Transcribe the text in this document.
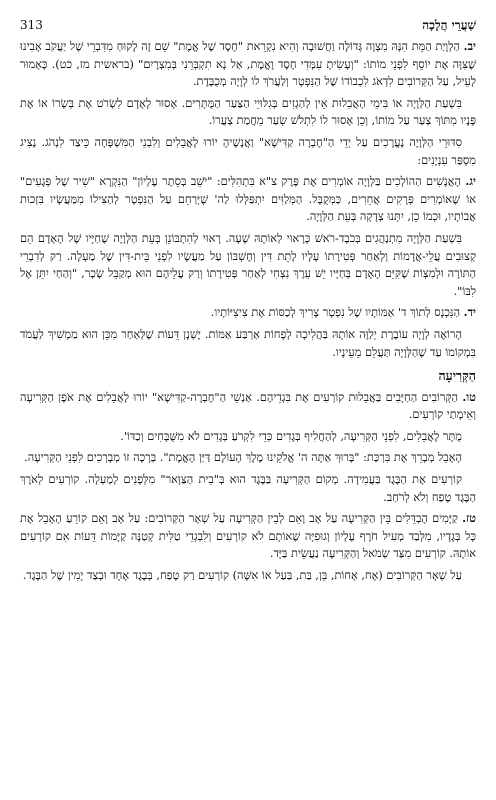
313	שַׁעֲרֵי הֲלָכָה

יב. הַלְוָיַת הַמֵּת הִנָּהּ מִצְוָה גְּדוֹלָה וַחֲשׁוּבָה וְהִיא נִקְרֵאת "חֶסֶד שֶׁל אֱמֶת" שֵׁם זֶה לָקוּחַ מִדִּבְרֵי שֶׁל יַעֲקֹב אָבִינוּ שֶׁצִּוָּה אֶת יוֹסֵף לִפְנֵי מוֹתוֹ: "וְעָשִׂיתָ עִמָּדִי חֶסֶד וֶאֱמֶת, אַל נָא תִקְבְּרֵנִי בְּמִצְרָיִם" (בראשית מז, כט). כָּאָמוּר לְעֵיל, עַל הַקְּרוֹבִים לִדְאֹג לִכְבוֹדוֹ שֶׁל הַנִּפְטָר וְלַעֲרֹךְ לוֹ לְוָיָה מְכֻבֶּדֶת.

בִּשְׁעַת הַלְּוָיָה אוֹ בִּימֵי הָאֲבֵלוּת אֵין לְהַגְזִים בְּגִלּוּיֵי הַצַּעַר הַמֻּתָּרִים. אָסוּר לָאָדָם לִשְׂרֹט אֶת בְּשָׂרוֹ אוֹ אֶת פָּנָיו מִתּוֹךְ צַעַר עַל מוֹתוֹ, וְכֵן אָסוּר לוֹ לִתְלֹשׁ שְׂעַר מֵחֲמַת צַעֲרוֹ.

סִדּוּרֵי הַלְּוָיָה נֶעֱרָכִים עַל יְדֵי הַ"חֶבְרָה קַדִּישָׁא" וַאֲנָשֶׁיהָ יוֹרוּ לָאֲבֵלִים וְלִבְנֵי הַמִּשְׁפָּחָה כֵּיצַד לִנְהֹג. נָצִיג מִסְפַּר עִנְיָנִים:

יג. הָאֲנָשִׁים הַהוֹלְכִים בַּלְּוָיָה אוֹמְרִים אֶת פֶּרֶק צ"א בִּתְהִלִּים: "יֹשֵׁב בְּסֵתֶר עֶלְיוֹן" הַנִּקְרָא "שִׁיר שֶׁל פְּגָעִים" אוֹ שֶׁאוֹמְרִים פְּרָקִים אֲחֵרִים, כַּמְּקֻבָּל. הַמְּלַוִּים יִתְפַּלְּלוּ לַה' שֶׁיְּרַחֵם עַל הַנִּפְטָר לְהַצִּילוֹ מִמַּעֲשָׂיו בִּזְכוּת אֲבוֹתָיו, וּכְמוֹ כֵן, יִתְּנוּ צְדָקָה בְּעֵת הַלְּוָיָה.

בִּשְׁעַת הַלְּוָיָה מִתְנַהֲגִים בְּכֹבֶד-רֹאשׁ כָּרָאוּי לְאוֹתָהּ שָׁעָה. רָאוּי לְהִתְבּוֹנֵן בְּעֵת הַלְּוָיָה שֶׁחַיָּיו שֶׁל הָאָדָם הֵם קְצוּבִים עֲלֵי-אֲדָמוֹת וְלְאַחַר פְּטִירָתוֹ עָלָיו לָתֵת דִּין וְחֶשְׁבּוֹן עַל מַעֲשָׂיו לִפְנֵי בֵּית-דִּין שֶׁל מַעְלָה. רַק לְדִבְרֵי הַתּוֹרָה וּלְמִצְוֹת שֶׁקִּיֵּם הָאָדָם בְּחַיָּיו יֵשׁ עֵרֶךְ נִצְחִי לְאַחַר פְּטִירָתוֹ וְרַק עֲלֵיהֶם הוּא מְקַבֵּל שָׂכָר, "וְהַחַי יִתֵּן אֶל לִבּוֹ".

יד. הַנִּכְנָס לְתוֹךְ ד' אַמּוֹתָיו שֶׁל נִפְטָר צָרִיךְ לְכַסּוֹת אֶת צִיצִיּוֹתָיו.

הָרוֹאֶה לְוָיָה עוֹבֶרֶת יְלַוֶּה אוֹתָהּ בַּהֲלִיכָה לְפָחוֹת אַרְבַּע אַמּוֹת. יֶשְׁנָן דֵּעוֹת שֶׁלְּאַחַר מִכֵּן הוּא מַמְשִׁיךְ לַעֲמֹד בִּמְקוֹמוֹ עַד שֶׁהַלְּוָיָה תַּעֲלֵם מֵעֵינָיו.

הַקְּרִיעָה

טו. הַקְּרוֹבִים הַחַיָּבִים בַּאֲבֵלוּת קוֹרְעִים אֶת בִּגְדֵיהֶם. אַנְשֵׁי הַ"חֶבְרָה-קַדִּישָׁא" יוֹרוּ לָאֲבֵלִים אֶת אֹפֶן הַקְּרִיעָה וְאֵימָתַי קוֹרְעִים.

מֻתָּר לָאֲבֵלִים, לִפְנֵי הַקְּרִיעָה, לְהַחֲלִיף בְּגָדִים כְּדֵי לִקְרֹעַ בְּגָדִים לֹא מִשֻּׁבָּחִים וְכַדּוֹ'.

הָאָבֵל מְבָרֵךְ אֶת בִּרְכַּת: "בָּרוּךְ אַתָּה ה' אֱלֹקֵינוּ מֶלֶךְ הָעוֹלָם דַּיַּן הָאֱמֶת". בְּרָכָה זוֹ מְבָרְכִים לִפְנֵי הַקְּרִיעָה.

קוֹרְעִים אֶת הַבֶּגֶד בַּעֲמִידָה. מְקוֹם הַקְּרִיעָה בַּבֶּגֶד הוּא בְּ"בֵית הַצַּוָּאר" מִלְּפָנִים לְמַעְלָה. קוֹרְעִים לְאֹרֶךְ הַבֶּגֶד טֶפַח וְלֹא לְרֹחַב.

טז. קַיָּמִים הֶבְדֵּלִים בֵּין הַקְּרִיעָה עַל אָב וָאֵם לְבֵין הַקְּרִיעָה עַל שְׁאָר הַקְּרוֹבִים: עַל אָב וָאֵם קוֹרֵעַ הָאָבֵל אֶת כָּל בְּגָדָיו, מִלְּבַד מְעִיל חֹרֶף עֶלְיוֹן וְגוּפִיָּה שֶׁאוֹתָם לֹא קוֹרְעִים וְלִבְגְדֵי טַלִּית קְטַנָּה קַיָּמוֹת דֵּעוֹת אִם קוֹרְעִים אוֹתָהּ. קוֹרְעִים מִצַּד שְׂמֹאל וְהַקְּרִיעָה נַעֲשֵׂית בַּיָּד.

עַל שְׁאָר הַקְּרוֹבִים (אָח, אָחוֹת, בֵּן, בַּת, בַּעַל אוֹ אִשָּׁה) קוֹרְעִים רַק טֶפַח, בְּבֶגֶד אֶחָד וּבְצַד יָמִין שֶׁל הַבֶּגֶד.
